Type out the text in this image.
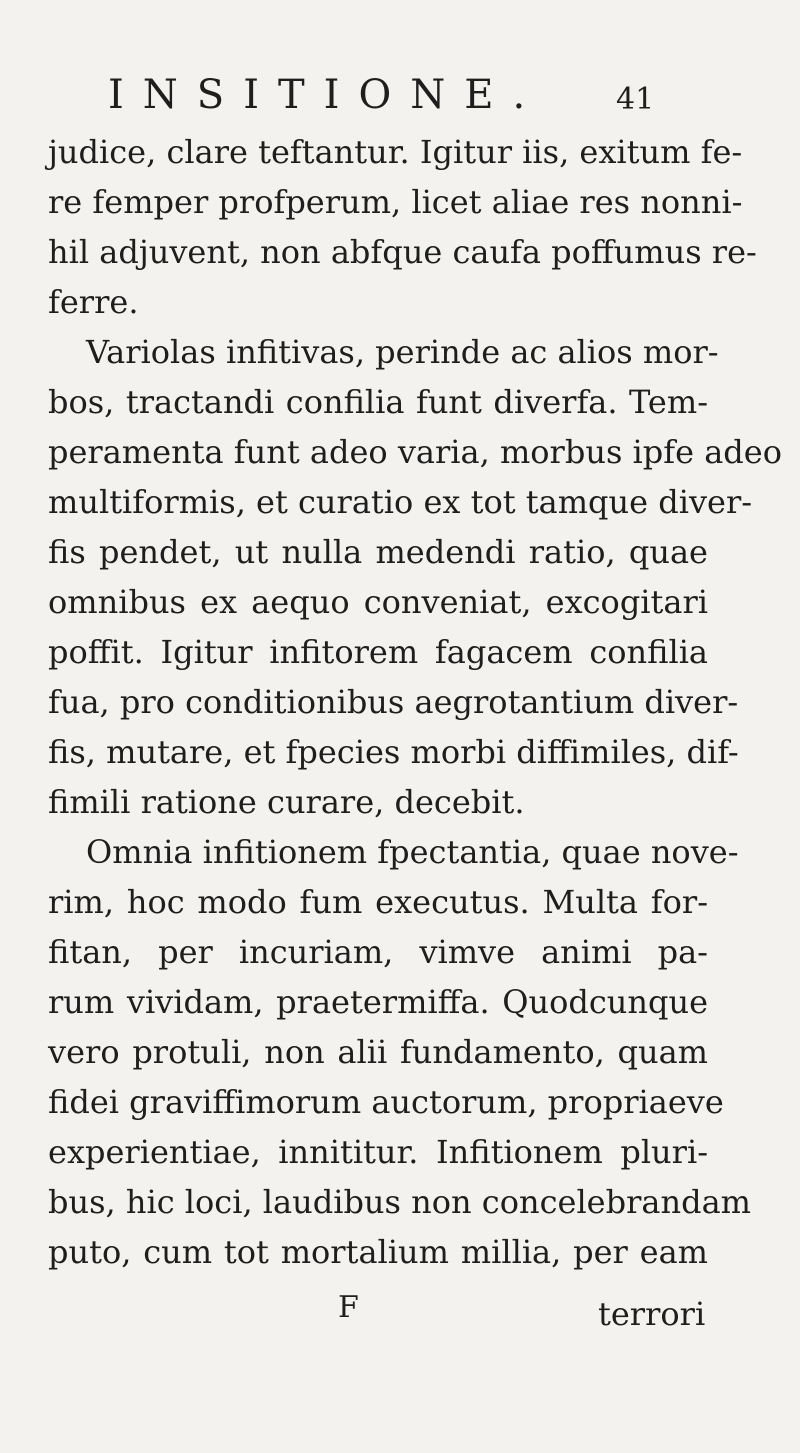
INSITIONE. 41
judice, clare teftantur. Igitur iis, exitum fe-
re femper profperum, licet aliae res nonni-
hil adjuvent, non abfque caufa poffumus re-
ferre.
Variolas infitivas, perinde ac alios mor-
bos, tractandi confilia funt diverfa. Tem-
peramenta funt adeo varia, morbus ipfe adeo
multiformis, et curatio ex tot tamque diver-
fis pendet, ut nulla medendi ratio, quae
omnibus ex aequo conveniat, excogitari
poffit. Igitur infitorem fagacem confilia
fua, pro conditionibus aegrotantium diver-
fis, mutare, et fpecies morbi diffimiles, dif-
fimili ratione curare, decebit.
Omnia infitionem fpectantia, quae nove-
rim, hoc modo fum executus. Multa for-
fitan, per incuriam, vimve animi pa-
rum vividam, praetermiffa. Quodcunque
vero protuli, non alii fundamento, quam
fidei graviffimorum auctorum, propriaeve
experientiae, innititur. Infitionem pluri-
bus, hic loci, laudibus non concelebrandam
puto, cum tot mortalium millia, per eam
F	terrori
